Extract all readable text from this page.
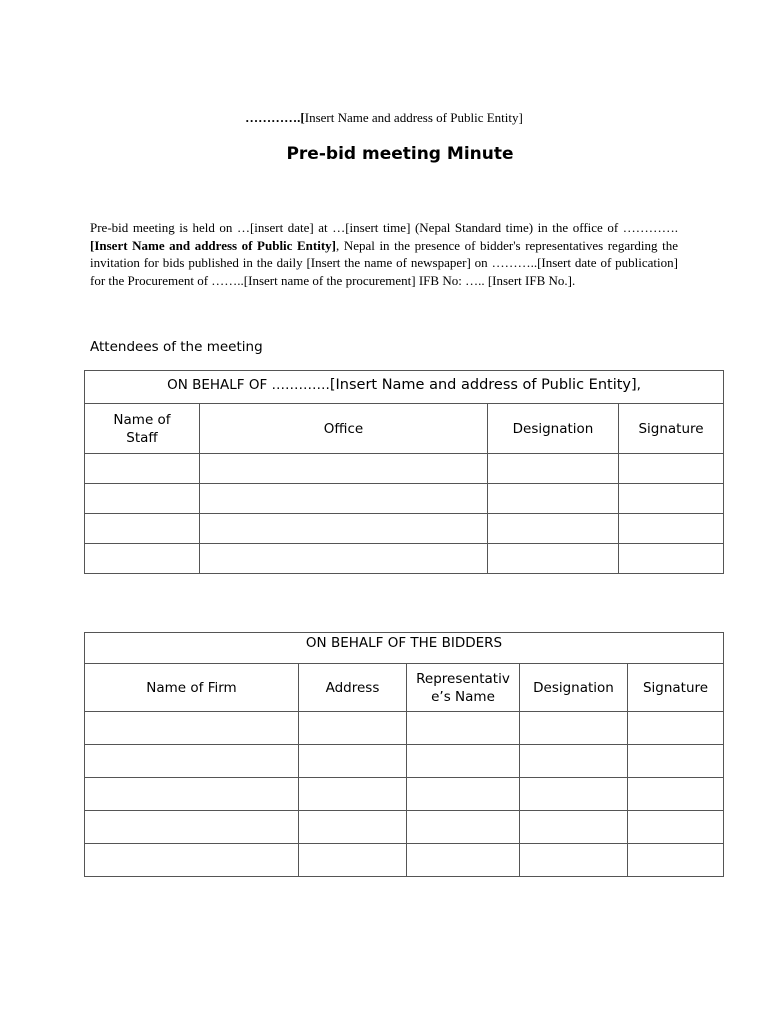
………….[Insert Name and address of Public Entity]
Pre-bid meeting Minute
Pre-bid meeting is held on …[insert date] at …[insert time] (Nepal Standard time) in the office of ………….[Insert Name and address of Public Entity], Nepal in the presence of bidder's representatives regarding the invitation for bids published in the daily [Insert the name of newspaper] on ………..[Insert date of publication] for the Procurement of ……..[Insert name of the procurement] IFB No: ….. [Insert IFB No.].
Attendees of the meeting
ON BEHALF OF ………….[Insert Name and address of Public Entity],			
Name of Staff	Office	Designation	Signature

ON BEHALF OF THE BIDDERS				
Name of Firm	Address	Representative’s Name	Designation	Signature
